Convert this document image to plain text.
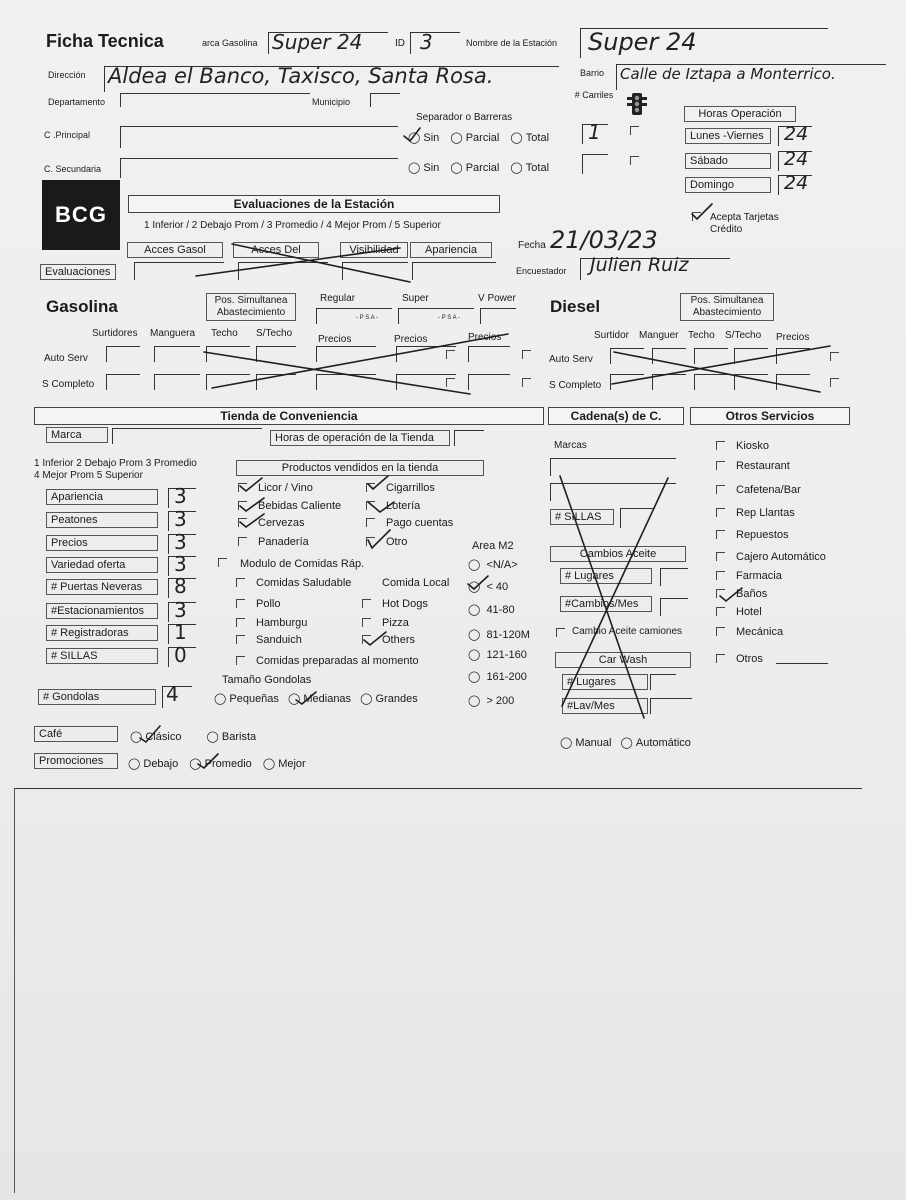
Ficha Tecnica	arca Gasolina Super 24	ID 3	Nombre de la Estación Super 24
Dirección Aldea el Banco, Taxisco, Santa Rosa.	Barrio Calle de Iztapa a Monterrico.
Departamento	Municipio
C .Principal
C. Secundaria
Separador o Barreras
◯ Sin ◯ Parcial ◯ Total
◯ Sin ◯ Parcial ◯ Total
# Carriles
1
Horas Operación
Lunes -Viernes	24
Sábado	24
Domingo	24
BCG	Evaluaciones de la Estación
1 Inferior / 2 Debajo Prom / 3 Promedio / 4 Mejor Prom / 5 Superior
Acces Gasol	Acces Del	Visibilidad	Apariencia
Evaluaciones
Fecha 21/03/23
Encuestador Julien Ruiz
Acepta Tarjetas Crédito
Gasolina	Pos. Simultanea Abastecimiento
Regular	Super	V Power
- P S A -	- P S A -
Surtidores Manguera Techo S/Techo
Precios	Precios	Precios
Auto Serv
S Completo
Diesel	Pos. Simultanea Abastecimiento
Surtidor Manguer Techo S/Techo Precios
Auto Serv
S Completo
Tienda de Conveniencia	Cadena(s) de C.	Otros Servicios
Marca	Horas de operación de la Tienda
1 Inferior 2 Debajo Prom 3 Promedio
4 Mejor Prom 5 Superior
Apariencia	3
Peatones	3
Precios	3
Variedad oferta	3
# Puertas Neveras	8
#Estacionamientos	3
# Registradoras	1
# SILLAS	0
# Gondolas	4
Productos vendidos en la tienda
Licor / Vino	Cigarrillos
Bebidas Caliente	Lotería
Cervezas	Pago cuentas
Panadería	Otro
Modulo de Comidas Ráp.
Comidas Saludable	Comida Local
Pollo	Hot Dogs
Hamburgu	Pizza
Sanduich	Others
Comidas preparadas al momento
Tamaño Gondolas
◯ Pequeñas ◯ Medianas ◯ Grandes
Area M2
◯  <N/A>
◯  < 40
◯  41-80
◯  81-120M
◯  121-160
◯  161-200
◯  > 200
Café	◯ Clásico ◯ Barista
Promociones	◯ Debajo ◯ Promedio ◯ Mejor
Marcas
# SILLAS
Cambios Aceite
# Lugares
#Cambios/Mes
Cambio Aceite camiones
Car Wash
# Lugares
#Lav/Mes
◯ Manual ◯ Automático
Kiosko
Restaurant
Cafetena/Bar
Rep Llantas
Repuestos
Cajero Automático
Farmacia
Baños
Hotel
Mecánica
Otros
